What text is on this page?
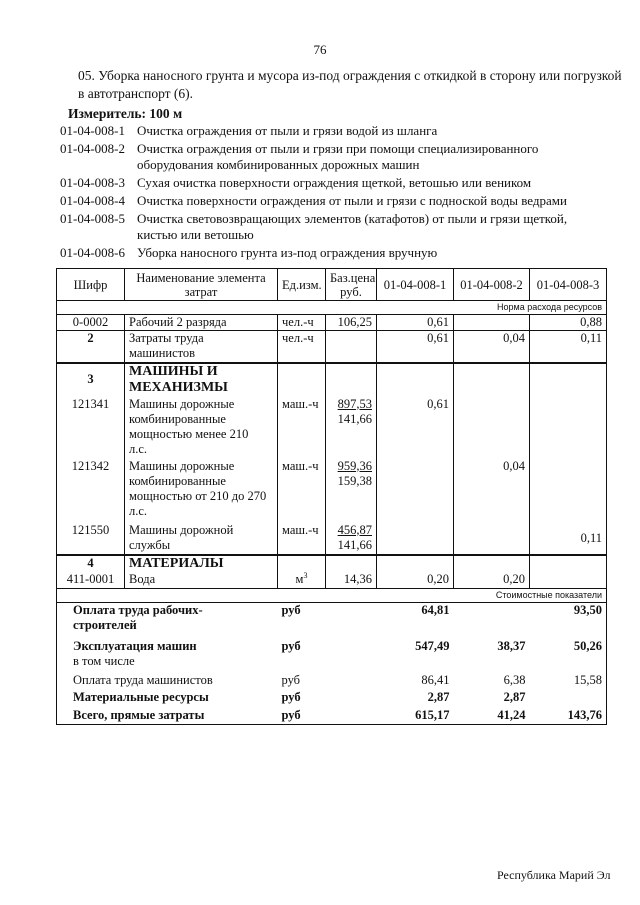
76
05. Уборка наносного грунта и мусора из-под ограждения с откидкой в сторону или погрузкой
в автотранспорт (6).
Измеритель: 100 м
01-04-008-1 Очистка ограждения от пыли и грязи водой из шланга
01-04-008-2 Очистка ограждения от пыли и грязи при помощи специализированного
оборудования комбинированных дорожных машин
01-04-008-3 Сухая очистка поверхности ограждения щеткой, ветошью или веником
01-04-008-4 Очистка поверхности ограждения от пыли и грязи с подноской воды ведрами
01-04-008-5 Очистка световозвращающих элементов (катафотов) от пыли и грязи щеткой,
кистью или ветошью
01-04-008-6 Уборка наносного грунта из-под ограждения вручную
Шифр	Наименование элемента
затрат	Ед.изм.	Баз.цена
руб.	01-04-008-1	01-04-008-2	01-04-008-3
Норма расхода ресурсов						
0-0002	Рабочий 2 разряда	чел.-ч	106,25	0,61		0,88
2	Затраты труда
машинистов	чел.-ч		0,61	0,04	0,11
3	МАШИНЫ И
МЕХАНИЗМЫ					
121341	Машины дорожные
комбинированные
мощностью менее 210
л.с.	маш.-ч	897,53
141,66	0,61		
121342	Машины дорожные
комбинированные
мощностью от 210 до 270
л.с.	маш.-ч	959,36
159,38		0,04	
121550	Машины дорожной
службы	маш.-ч	456,87
141,66			0,11
4	МАТЕРИАЛЫ					
411-0001	Вода	$м^3$	14,36	0,20	0,20	
Стоимостные показатели						
Оплата труда рабочих-
строителей		руб		64,81		93,50
Эксплуатация машин
в том числе		руб		547,49	38,37	50,26
Оплата труда машинистов		руб		86,41	6,38	15,58
Материальные ресурсы		руб		2,87	2,87	
Всего, прямые затраты		руб		615,17	41,24	143,76
Республика Марий Эл
